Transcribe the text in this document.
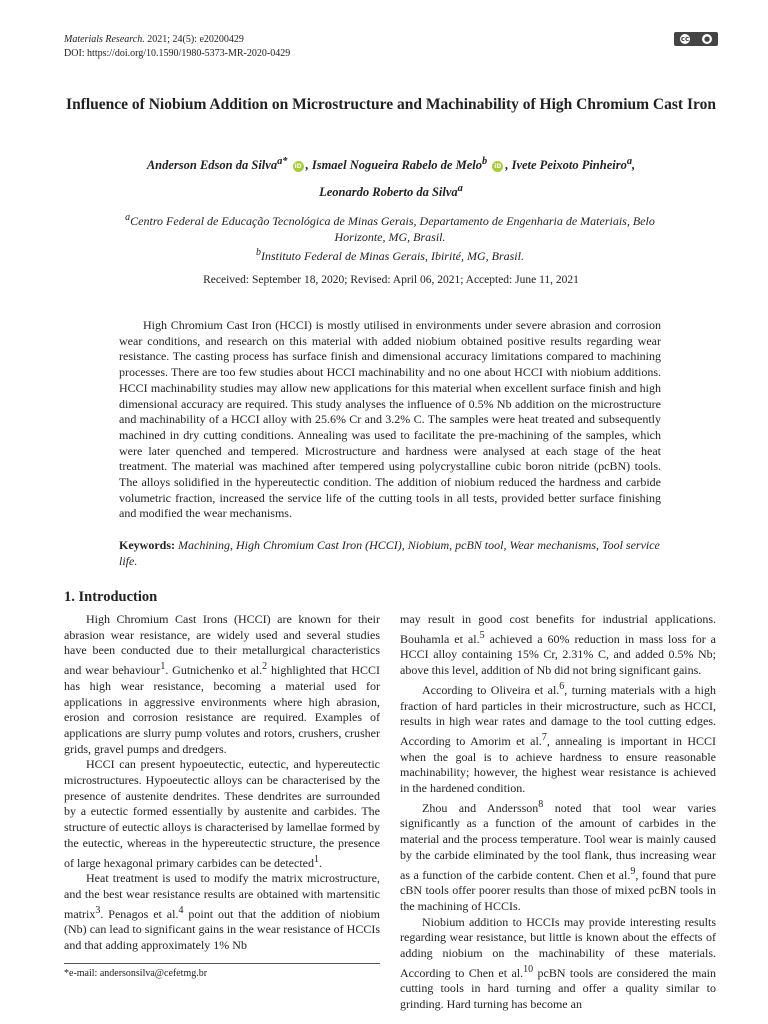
Materials Research. 2021; 24(5): e20200429
DOI: https://doi.org/10.1590/1980-5373-MR-2020-0429
cc ●
Influence of Niobium Addition on Microstructure and Machinability of High Chromium Cast Iron
Anderson Edson da Silva$^{a*}$ iD , Ismael Nogueira Rabelo de Melo$^b$ iD , Ivete Peixoto Pinheiro$^a$,
Leonardo Roberto da Silva$^a$
$^a$Centro Federal de Educação Tecnológica de Minas Gerais, Departamento de Engenharia de Materiais, Belo Horizonte, MG, Brasil.
$^b$Instituto Federal de Minas Gerais, Ibirité, MG, Brasil.
Received: September 18, 2020; Revised: April 06, 2021; Accepted: June 11, 2021
High Chromium Cast Iron (HCCI) is mostly utilised in environments under severe abrasion and corrosion wear conditions, and research on this material with added niobium obtained positive results regarding wear resistance. The casting process has surface finish and dimensional accuracy limitations compared to machining processes. There are too few studies about HCCI machinability and no one about HCCI with niobium additions. HCCI machinability studies may allow new applications for this material when excellent surface finish and high dimensional accuracy are required. This study analyses the influence of 0.5% Nb addition on the microstructure and machinability of a HCCI alloy with 25.6% Cr and 3.2% C. The samples were heat treated and subsequently machined in dry cutting conditions. Annealing was used to facilitate the pre-machining of the samples, which were later quenched and tempered. Microstructure and hardness were analysed at each stage of the heat treatment. The material was machined after tempered using polycrystalline cubic boron nitride (pcBN) tools. The alloys solidified in the hypereutectic condition. The addition of niobium reduced the hardness and carbide volumetric fraction, increased the service life of the cutting tools in all tests, provided better surface finishing and modified the wear mechanisms.
Keywords: Machining, High Chromium Cast Iron (HCCI), Niobium, pcBN tool, Wear mechanisms, Tool service life.
1. Introduction

High Chromium Cast Irons (HCCI) are known for their abrasion wear resistance, are widely used and several studies have been conducted due to their metallurgical characteristics and wear behaviour$^1$. Gutnichenko et al.$^2$ highlighted that HCCI has high wear resistance, becoming a material used for applications in aggressive environments where high abrasion, erosion and corrosion resistance are required. Examples of applications are slurry pump volutes and rotors, crushers, crusher grids, gravel pumps and dredgers.

HCCI can present hypoeutectic, eutectic, and hypereutectic microstructures. Hypoeutectic alloys can be characterised by the presence of austenite dendrites. These dendrites are surrounded by a eutectic formed essentially by austenite and carbides. The structure of eutectic alloys is characterised by lamellae formed by the eutectic, whereas in the hypereutectic structure, the presence of large hexagonal primary carbides can be detected$^1$.

Heat treatment is used to modify the matrix microstructure, and the best wear resistance results are obtained with martensitic matrix$^3$. Penagos et al.$^4$ point out that the addition of niobium (Nb) can lead to significant gains in the wear resistance of HCCIs and that adding approximately 1% Nb

may result in good cost benefits for industrial applications. Bouhamla et al.$^5$ achieved a 60% reduction in mass loss for a HCCI alloy containing 15% Cr, 2.31% C, and added 0.5% Nb; above this level, addition of Nb did not bring significant gains.

According to Oliveira et al.$^6$, turning materials with a high fraction of hard particles in their microstructure, such as HCCI, results in high wear rates and damage to the tool cutting edges. According to Amorim et al.$^7$, annealing is important in HCCI when the goal is to achieve hardness to ensure reasonable machinability; however, the highest wear resistance is achieved in the hardened condition.

Zhou and Andersson$^8$ noted that tool wear varies significantly as a function of the amount of carbides in the material and the process temperature. Tool wear is mainly caused by the carbide eliminated by the tool flank, thus increasing wear as a function of the carbide content. Chen et al.$^9$, found that pure cBN tools offer poorer results than those of mixed pcBN tools in the machining of HCCIs.

Niobium addition to HCCIs may provide interesting results regarding wear resistance, but little is known about the effects of adding niobium on the machinability of these materials. According to Chen et al.$^{10}$ pcBN tools are considered the main cutting tools in hard turning and offer a quality similar to grinding. Hard turning has become an

*e-mail: andersonsilva@cefetmg.br
